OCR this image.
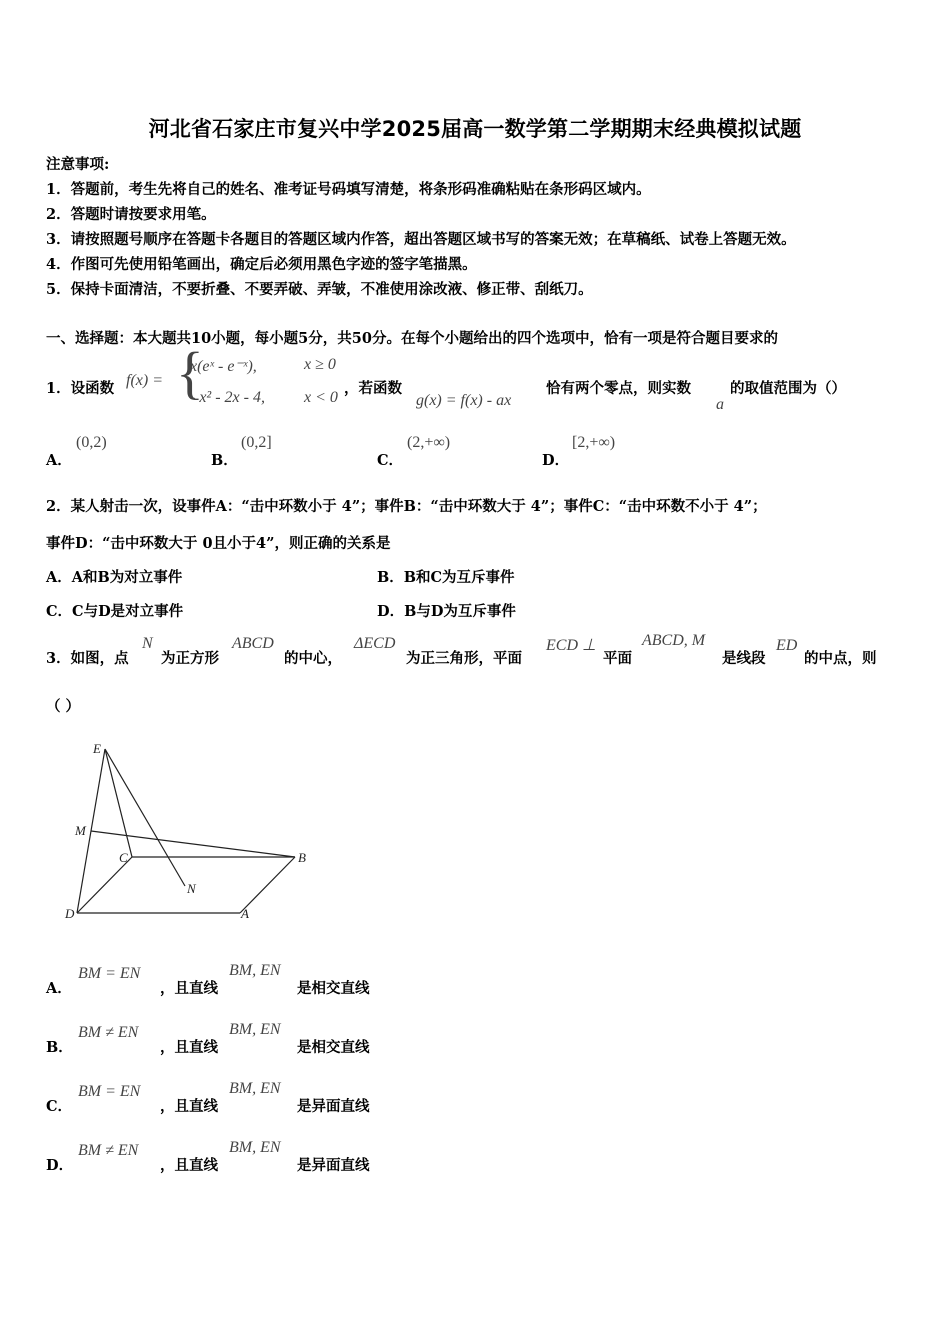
河北省石家庄市复兴中学2025届高一数学第二学期期末经典模拟试题
注意事项:
1．答题前，考生先将自己的姓名、准考证号码填写清楚，将条形码准确粘贴在条形码区域内。
2．答题时请按要求用笔。
3．请按照题号顺序在答题卡各题目的答题区域内作答，超出答题区域书写的答案无效；在草稿纸、试卷上答题无效。
4．作图可先使用铅笔画出，确定后必须用黑色字迹的签字笔描黑。
5．保持卡面清洁，不要折叠、不要弄破、弄皱，不准使用涂改液、修正带、刮纸刀。
一、选择题：本大题共10小题，每小题5分，共50分。在每个小题给出的四个选项中，恰有一项是符合题目要求的
1．设函数 f(x) = {
x(eˣ - e⁻ˣ),	x ≥ 0
- x² - 2x - 4, x < 0
，若函数
g(x) = f(x) - ax
恰有两个零点，则实数
a
的取值范围为（）
A．
(0,2)
B．
(0,2]
C．
(2,+∞)
D．
[2,+∞)
2．某人射击一次，设事件A：“击中环数小于 4”；事件B：“击中环数大于 4”；事件C：“击中环数不小于 4”；
事件D：“击中环数大于 0且小于4”，则正确的关系是
A．A和B为对立事件	B．B和C为互斥事件
C．C与D是对立事件	D．B与D为互斥事件
3．如图，点
N
为正方形
ABCD
的中心，
ΔECD
为正三角形，平面
ECD ⊥
平面
ABCD, M
是线段
ED
的中点，则
（ ）
E
M
C	B
N
D	A
A．
BM = EN
，且直线
BM, EN
是相交直线
B．
BM ≠ EN
，且直线
BM, EN
是相交直线
C．
BM = EN
，且直线
BM, EN
是异面直线
D．
BM ≠ EN
，且直线
BM, EN
是异面直线
